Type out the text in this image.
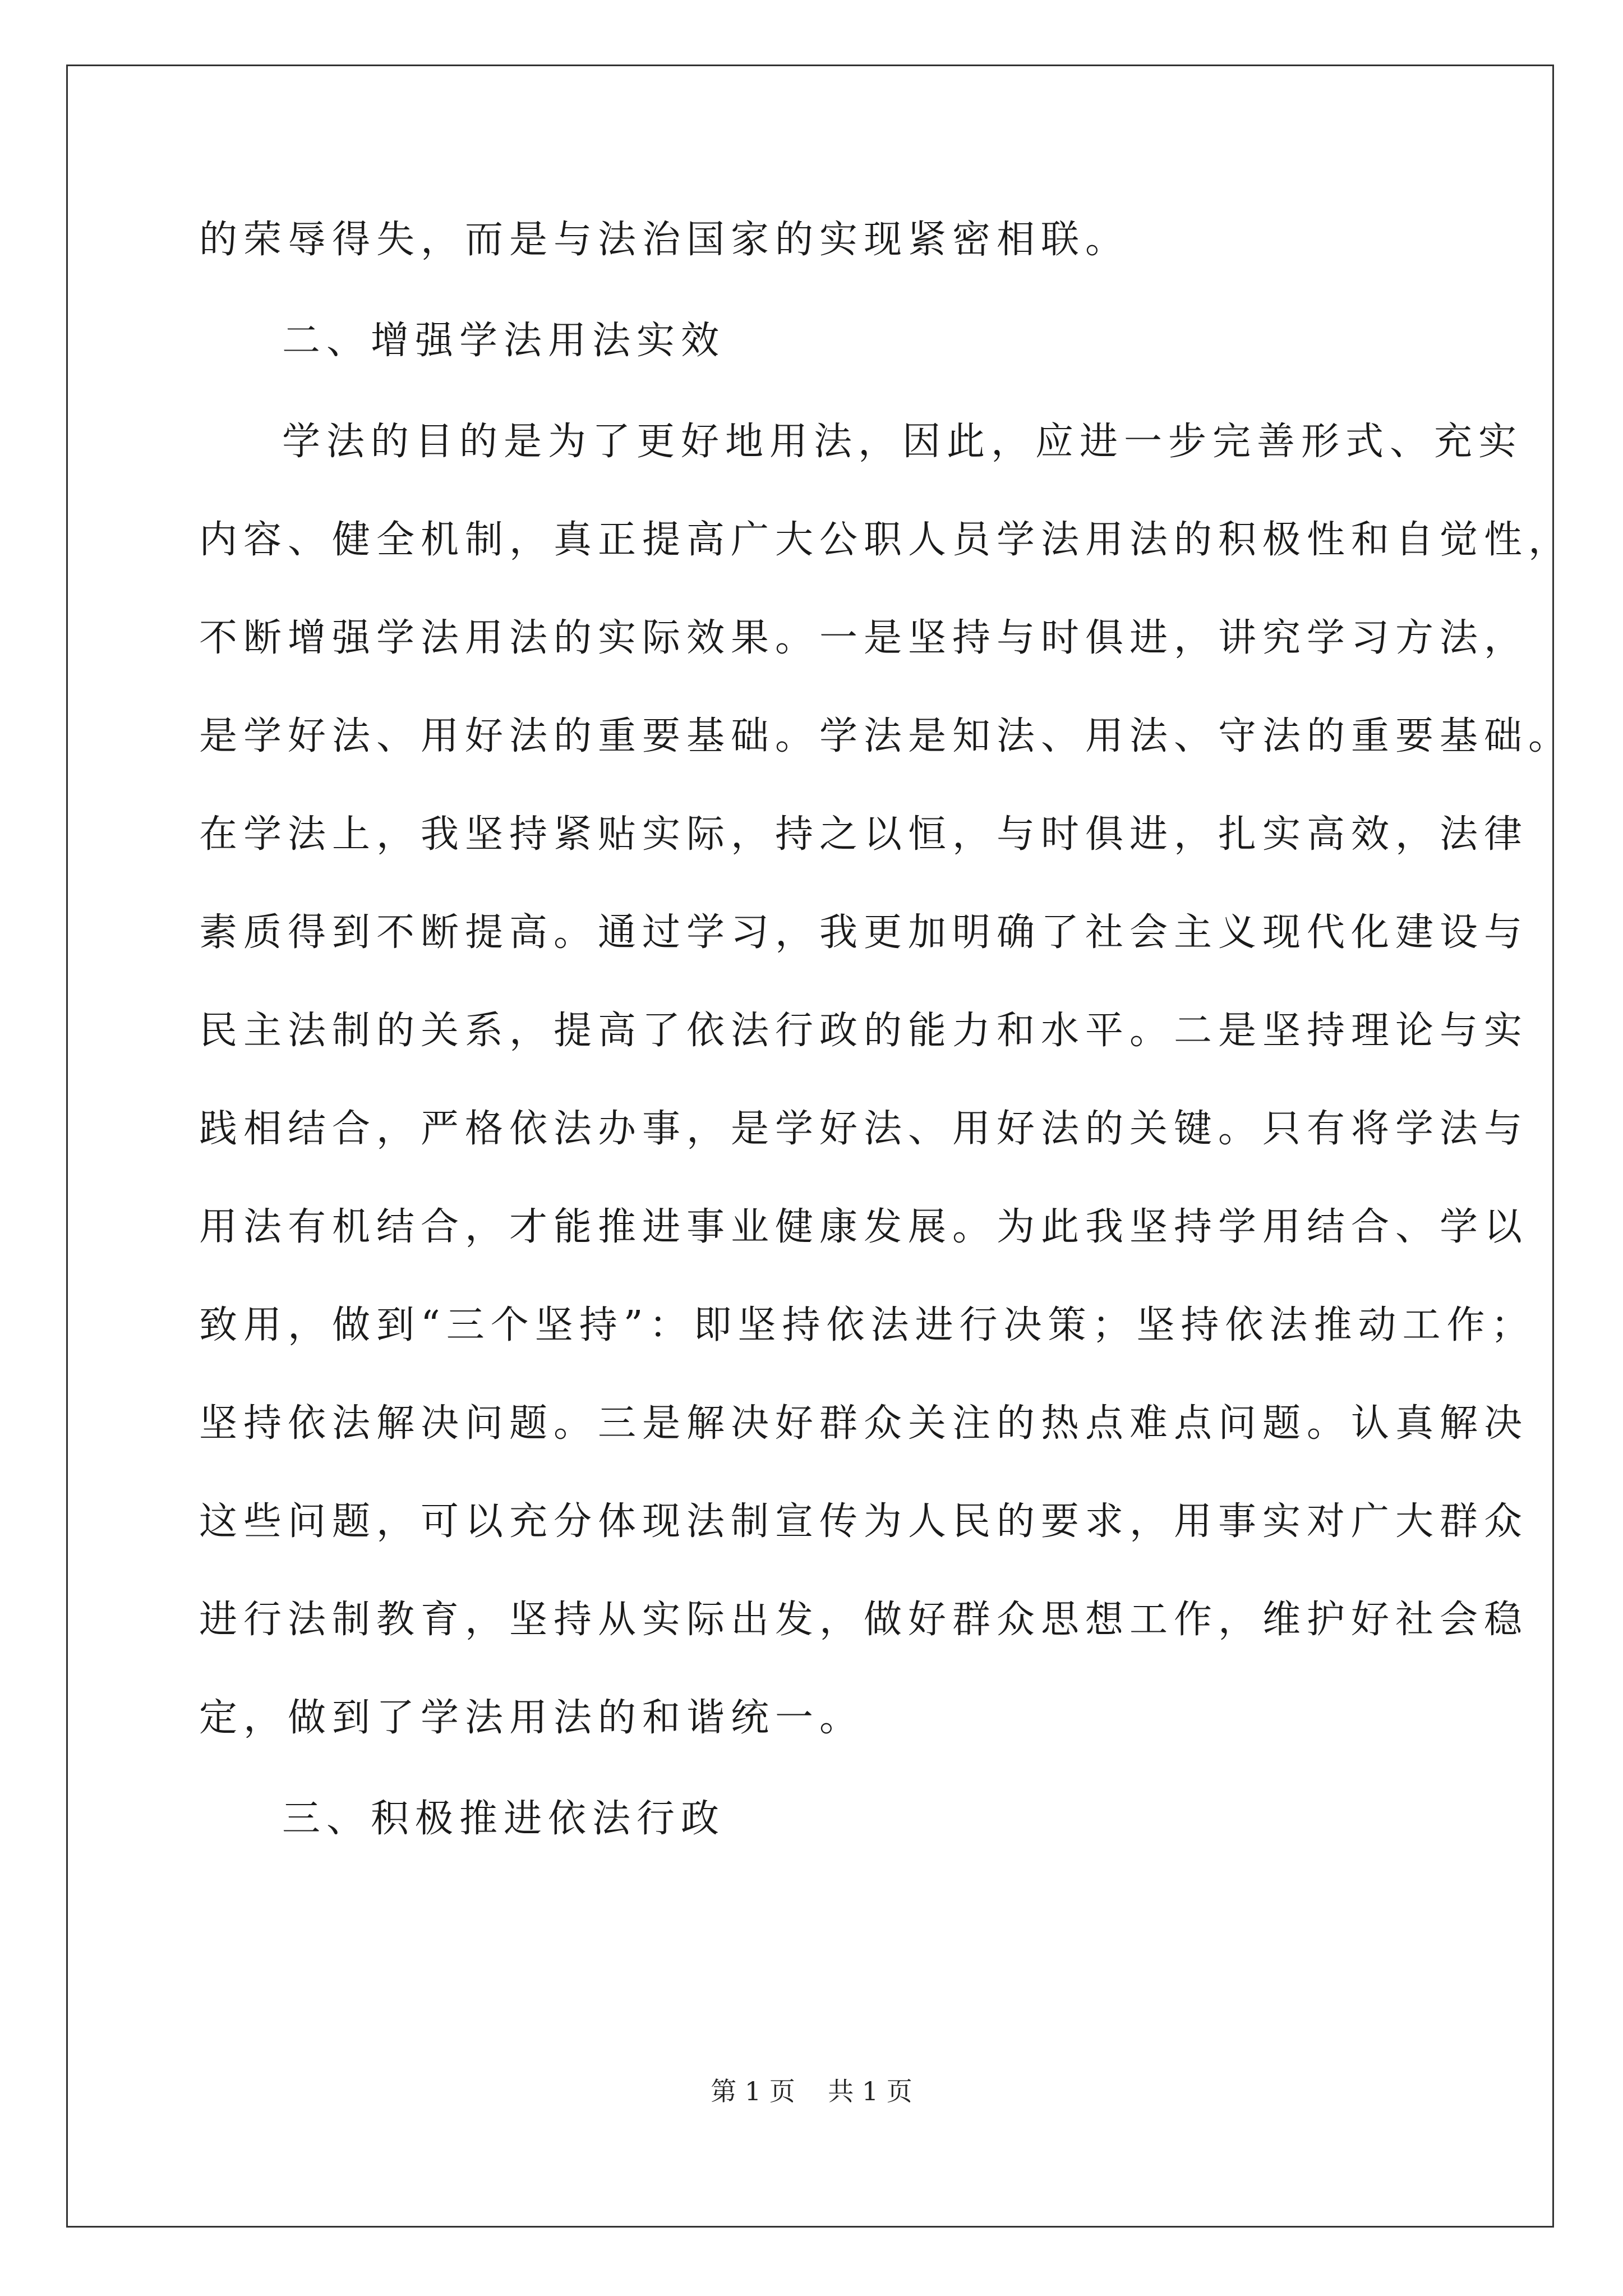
的荣辱得失，而是与法治国家的实现紧密相联。
二、增强学法用法实效
学法的目的是为了更好地用法，因此，应进一步完善形式、充实
内容、健全机制，真正提高广大公职人员学法用法的积极性和自觉性，
不断增强学法用法的实际效果。一是坚持与时俱进，讲究学习方法，
是学好法、用好法的重要基础。学法是知法、用法、守法的重要基础。
在学法上，我坚持紧贴实际，持之以恒，与时俱进，扎实高效，法律
素质得到不断提高。通过学习，我更加明确了社会主义现代化建设与
民主法制的关系，提高了依法行政的能力和水平。二是坚持理论与实
践相结合，严格依法办事，是学好法、用好法的关键。只有将学法与
用法有机结合，才能推进事业健康发展。为此我坚持学用结合、学以
致用，做到“三个坚持”：即坚持依法进行决策；坚持依法推动工作；
坚持依法解决问题。三是解决好群众关注的热点难点问题。认真解决
这些问题，可以充分体现法制宣传为人民的要求，用事实对广大群众
进行法制教育，坚持从实际出发，做好群众思想工作，维护好社会稳
定，做到了学法用法的和谐统一。
三、积极推进依法行政
第 1 页    共 1 页
